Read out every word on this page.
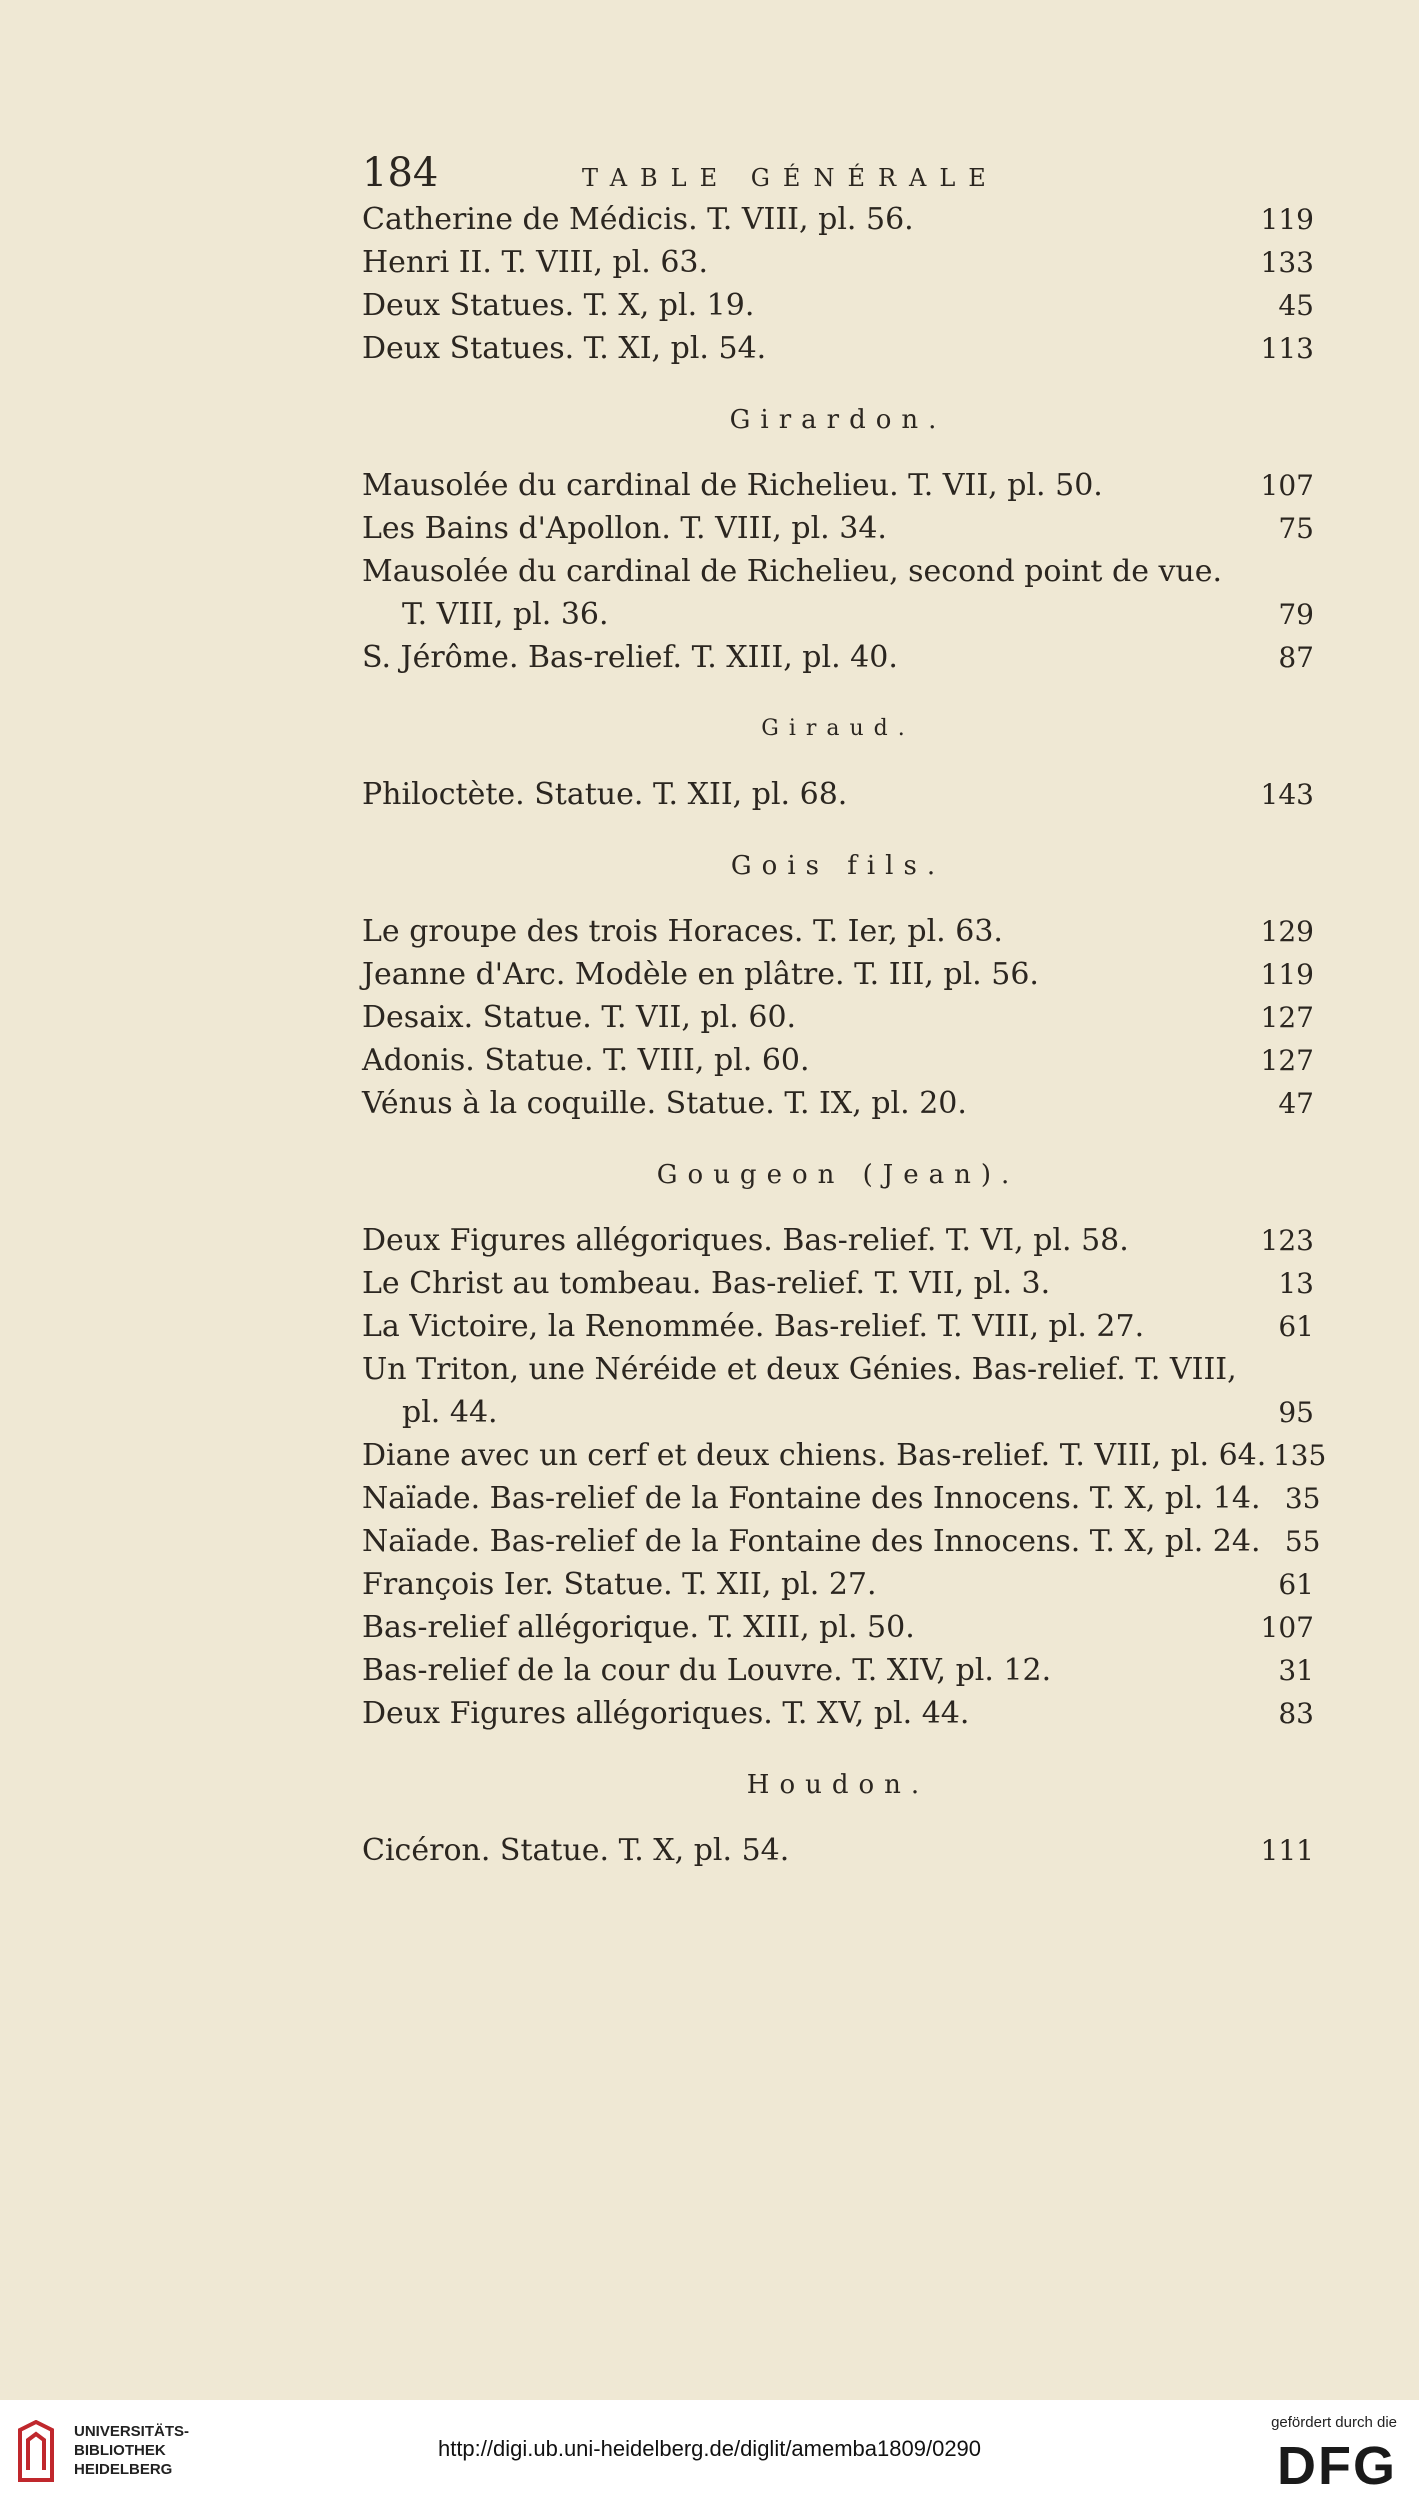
184	TABLE GÉNÉRALE
Catherine de Médicis. T. VIII, pl. 56.	119
Henri II. T. VIII, pl. 63.	133
Deux Statues. T. X, pl. 19.	45
Deux Statues. T. XI, pl. 54.	113
Girardon.
Mausolée du cardinal de Richelieu. T. VII, pl. 50.	107
Les Bains d'Apollon. T. VIII, pl. 34.	75
Mausolée du cardinal de Richelieu, second point de vue.
T. VIII, pl. 36.	79
S. Jérôme. Bas-relief. T. XIII, pl. 40.	87
Giraud.
Philoctète. Statue. T. XII, pl. 68.	143
Gois fils.
Le groupe des trois Horaces. T. Ier, pl. 63.	129
Jeanne d'Arc. Modèle en plâtre. T. III, pl. 56.	119
Desaix. Statue. T. VII, pl. 60.	127
Adonis. Statue. T. VIII, pl. 60.	127
Vénus à la coquille. Statue. T. IX, pl. 20.	47
Gougeon (Jean).
Deux Figures allégoriques. Bas-relief. T. VI, pl. 58.	123
Le Christ au tombeau. Bas-relief. T. VII, pl. 3.	13
La Victoire, la Renommée. Bas-relief. T. VIII, pl. 27.	61
Un Triton, une Néréide et deux Génies. Bas-relief. T. VIII,
pl. 44.	95
Diane avec un cerf et deux chiens. Bas-relief. T. VIII, pl. 64. 135
Naïade. Bas-relief de la Fontaine des Innocens. T. X, pl. 14. 35
Naïade. Bas-relief de la Fontaine des Innocens. T. X, pl. 24. 55
François Ier. Statue. T. XII, pl. 27.	61
Bas-relief allégorique. T. XIII, pl. 50.	107
Bas-relief de la cour du Louvre. T. XIV, pl. 12.	31
Deux Figures allégoriques. T. XV, pl. 44.	83
Houdon.
Cicéron. Statue. T. X, pl. 54.	111
UNIVERSITÄTS-
BIBLIOTHEK
HEIDELBERG
http://digi.ub.uni-heidelberg.de/diglit/amemba1809/0290
gefördert durch die
DFG
